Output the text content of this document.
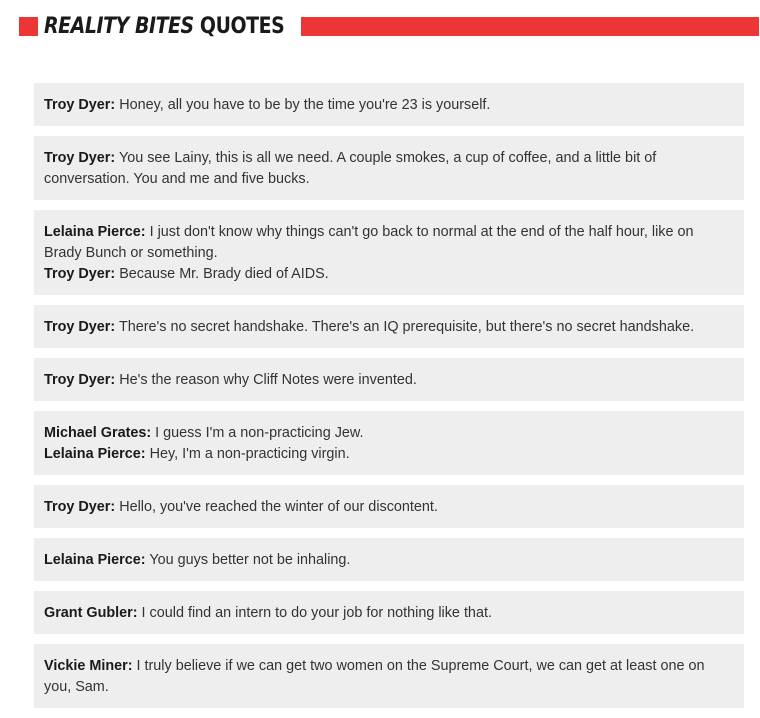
REALITY BITES QUOTES
Troy Dyer: Honey, all you have to be by the time you're 23 is yourself.
Troy Dyer: You see Lainy, this is all we need. A couple smokes, a cup of coffee, and a little bit of conversation. You and me and five bucks.
Lelaina Pierce: I just don't know why things can't go back to normal at the end of the half hour, like on Brady Bunch or something.
Troy Dyer: Because Mr. Brady died of AIDS.
Troy Dyer: There's no secret handshake. There's an IQ prerequisite, but there's no secret handshake.
Troy Dyer: He's the reason why Cliff Notes were invented.
Michael Grates: I guess I'm a non-practicing Jew.
Lelaina Pierce: Hey, I'm a non-practicing virgin.
Troy Dyer: Hello, you've reached the winter of our discontent.
Lelaina Pierce: You guys better not be inhaling.
Grant Gubler: I could find an intern to do your job for nothing like that.
Vickie Miner: I truly believe if we can get two women on the Supreme Court, we can get at least one on you, Sam.
